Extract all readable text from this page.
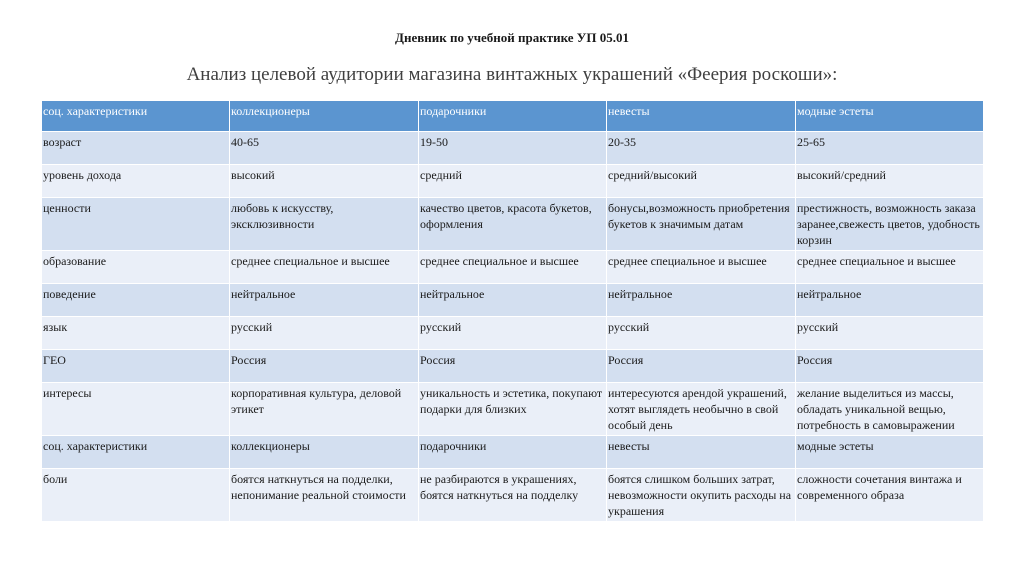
Дневник по учебной практике УП 05.01
Анализ целевой аудитории магазина винтажных украшений «Феерия роскоши»:
соц. характеристики	коллекционеры	подарочники	невесты	модные эстеты
возраст	40-65	19-50	20-35	25-65
уровень дохода	высокий	средний	средний/высокий	высокий/средний
ценности	любовь к искусству, эксклюзивности	качество цветов, красота букетов, оформления	бонусы,возможность приобретения букетов к значимым датам	престижность, возможность заказа заранее,свежесть цветов, удобность корзин
образование	среднее специальное и высшее	среднее специальное и высшее	среднее специальное и высшее	среднее специальное и высшее
поведение	нейтральное	нейтральное	нейтральное	нейтральное
язык	русский	русский	русский	русский
ГЕО	Россия	Россия	Россия	Россия
интересы	корпоративная культура, деловой этикет	уникальность и эстетика, покупают подарки для близких	интересуются арендой украшений, хотят выглядеть необычно в свой особый день	желание выделиться из массы, обладать уникальной вещью, потребность в самовыражении
соц. характеристики	коллекционеры	подарочники	невесты	модные эстеты
боли	боятся наткнуться на подделки, непонимание реальной стоимости	не разбираются в украшениях, боятся наткнуться на подделку	боятся слишком больших затрат, невозможности окупить расходы на украшения	сложности сочетания винтажа и современного образа
